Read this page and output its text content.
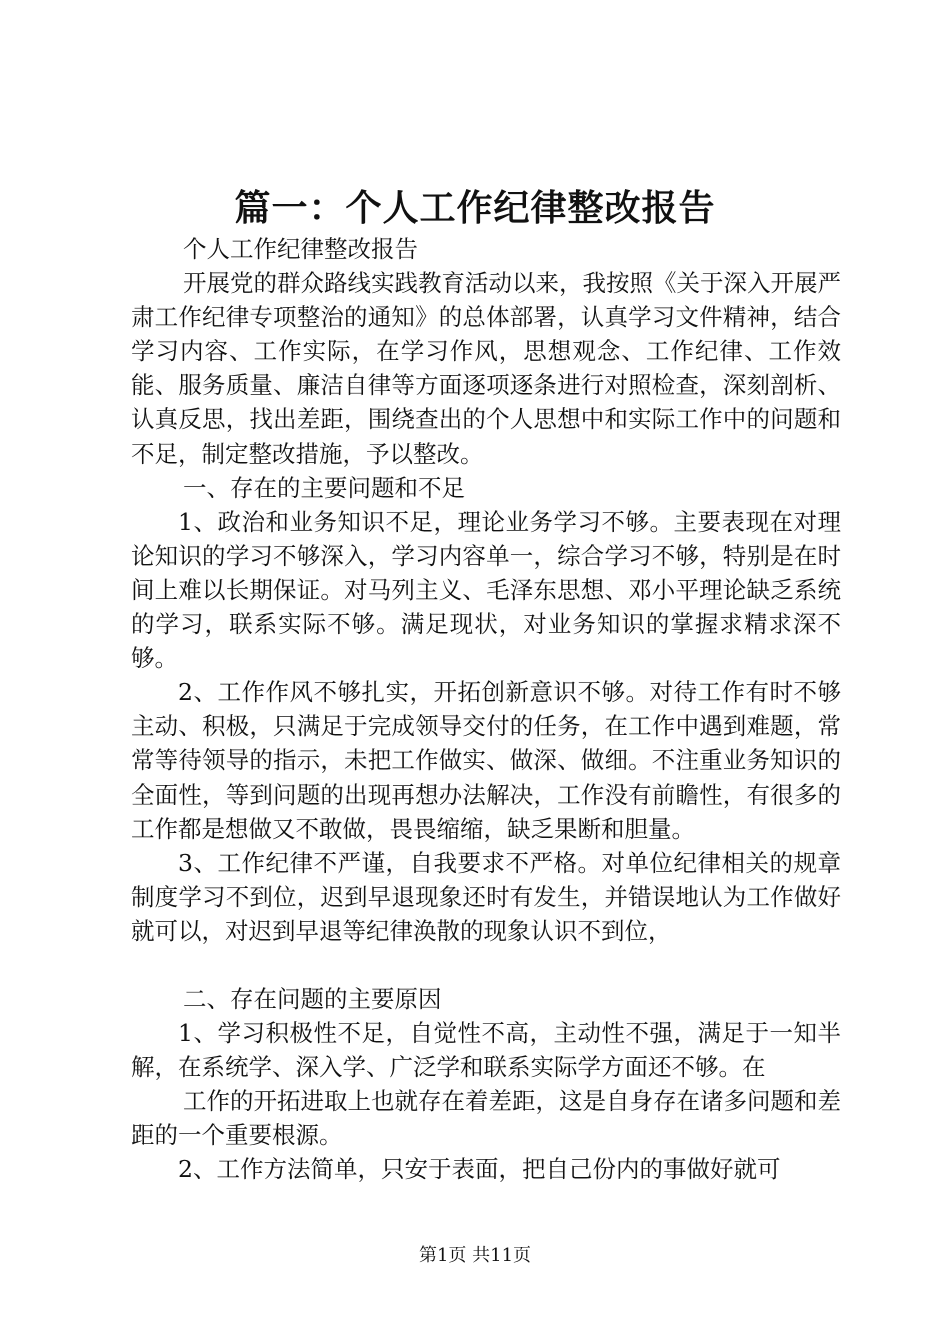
篇一：个人工作纪律整改报告

个人工作纪律整改报告

开展党的群众路线实践教育活动以来，我按照《关于深入开展严肃工作纪律专项整治的通知》的总体部署，认真学习文件精神，结合学习内容、工作实际，在学习作风，思想观念、工作纪律、工作效能、服务质量、廉洁自律等方面逐项逐条进行对照检查，深刻剖析、认真反思，找出差距，围绕查出的个人思想中和实际工作中的问题和不足，制定整改措施，予以整改。

一、存在的主要问题和不足

1、政治和业务知识不足，理论业务学习不够。主要表现在对理论知识的学习不够深入，学习内容单一，综合学习不够，特别是在时间上难以长期保证。对马列主义、毛泽东思想、邓小平理论缺乏系统的学习，联系实际不够。满足现状，对业务知识的掌握求精求深不够。

2、工作作风不够扎实，开拓创新意识不够。对待工作有时不够主动、积极，只满足于完成领导交付的任务，在工作中遇到难题，常常等待领导的指示，未把工作做实、做深、做细。不注重业务知识的全面性，等到问题的出现再想办法解决，工作没有前瞻性，有很多的工作都是想做又不敢做，畏畏缩缩，缺乏果断和胆量。

3、工作纪律不严谨，自我要求不严格。对单位纪律相关的规章制度学习不到位，迟到早退现象还时有发生，并错误地认为工作做好就可以，对迟到早退等纪律涣散的现象认识不到位，

二、存在问题的主要原因

1、学习积极性不足，自觉性不高，主动性不强，满足于一知半解，在系统学、深入学、广泛学和联系实际学方面还不够。在

工作的开拓进取上也就存在着差距，这是自身存在诸多问题和差距的一个重要根源。

2、工作方法简单，只安于表面，把自己份内的事做好就可

第1页 共11页
